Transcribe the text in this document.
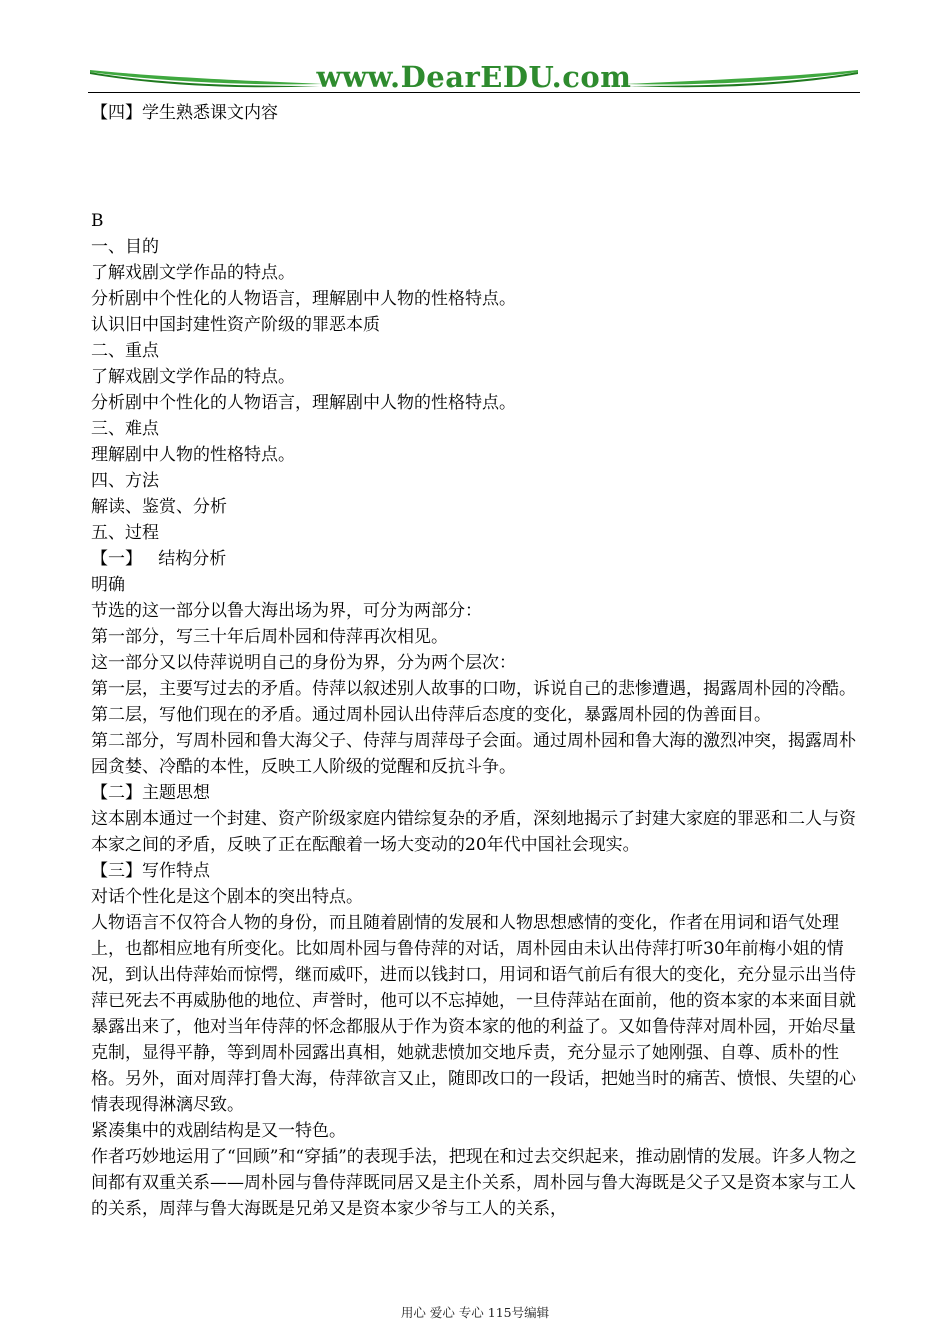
www.DearEDU.com

【四】学生熟悉课文内容

B

一、目的

了解戏剧文学作品的特点。

分析剧中个性化的人物语言，理解剧中人物的性格特点。

认识旧中国封建性资产阶级的罪恶本质

二、重点

了解戏剧文学作品的特点。

分析剧中个性化的人物语言，理解剧中人物的性格特点。

三、难点

理解剧中人物的性格特点。

四、方法

解读、鉴赏、分析

五、过程

【一】   结构分析

明确

节选的这一部分以鲁大海出场为界，可分为两部分：

第一部分，写三十年后周朴园和侍萍再次相见。

这一部分又以侍萍说明自己的身份为界，分为两个层次：

第一层，主要写过去的矛盾。侍萍以叙述别人故事的口吻，诉说自己的悲惨遭遇，揭露周朴园的冷酷。

第二层，写他们现在的矛盾。通过周朴园认出侍萍后态度的变化，暴露周朴园的伪善面目。

第二部分，写周朴园和鲁大海父子、侍萍与周萍母子会面。通过周朴园和鲁大海的激烈冲突，揭露周朴园贪婪、冷酷的本性，反映工人阶级的觉醒和反抗斗争。

【二】主题思想

这本剧本通过一个封建、资产阶级家庭内错综复杂的矛盾，深刻地揭示了封建大家庭的罪恶和二人与资本家之间的矛盾，反映了正在酝酿着一场大变动的20年代中国社会现实。

【三】写作特点

对话个性化是这个剧本的突出特点。

人物语言不仅符合人物的身份，而且随着剧情的发展和人物思想感情的变化，作者在用词和语气处理上，也都相应地有所变化。比如周朴园与鲁侍萍的对话，周朴园由未认出侍萍打听30年前梅小姐的情况，到认出侍萍始而惊愕，继而威吓，进而以钱封口，用词和语气前后有很大的变化，充分显示出当侍萍已死去不再威胁他的地位、声誉时，他可以不忘掉她，一旦侍萍站在面前，他的资本家的本来面目就暴露出来了，他对当年侍萍的怀念都服从于作为资本家的他的利益了。又如鲁侍萍对周朴园，开始尽量克制，显得平静，等到周朴园露出真相，她就悲愤加交地斥责，充分显示了她刚强、自尊、质朴的性格。另外，面对周萍打鲁大海，侍萍欲言又止，随即改口的一段话，把她当时的痛苦、愤恨、失望的心情表现得淋漓尽致。

紧凑集中的戏剧结构是又一特色。

作者巧妙地运用了“回顾”和“穿插”的表现手法，把现在和过去交织起来，推动剧情的发展。许多人物之间都有双重关系——周朴园与鲁侍萍既同居又是主仆关系，周朴园与鲁大海既是父子又是资本家与工人的关系，周萍与鲁大海既是兄弟又是资本家少爷与工人的关系，

用心 爱心 专心 115号编辑
